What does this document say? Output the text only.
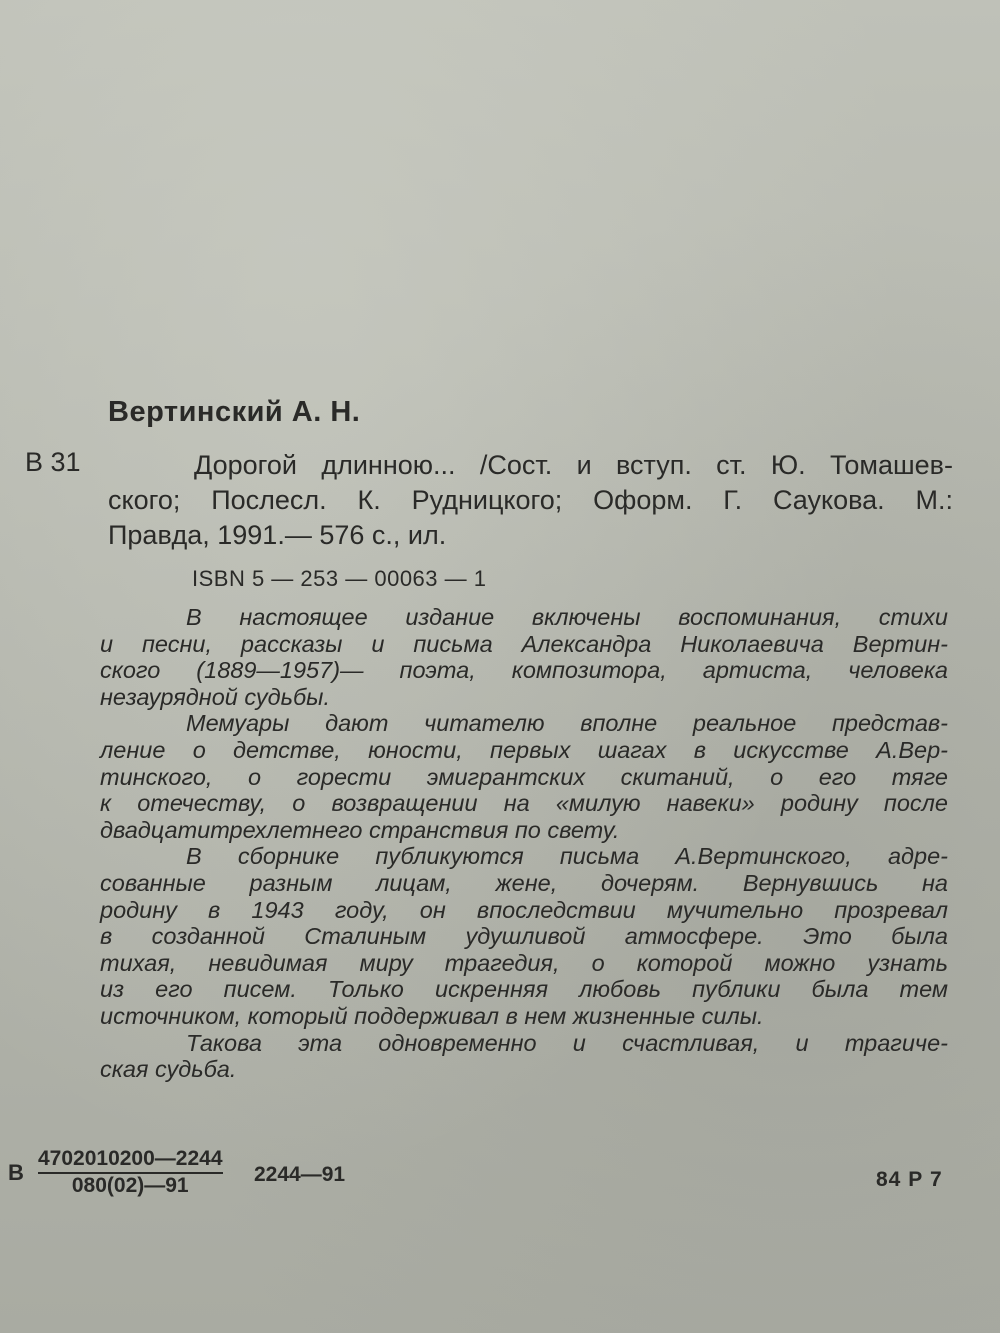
Вертинский А. Н.
В 31	Дорогой длинною... /Сост. и вступ. ст. Ю. Томашев-
ского; Послесл. К. Рудницкого; Оформ. Г. Саукова. М.:
Правда, 1991.— 576 с., ил.
ISBN 5 — 253 — 00063 — 1
В настоящее издание включены воспоминания, стихи
и песни, рассказы и письма Александра Николаевича Вертин-
ского (1889—1957)— поэта, композитора, артиста, человека
незаурядной судьбы.
Мемуары дают читателю вполне реальное представ-
ление о детстве, юности, первых шагах в искусстве А.Вер-
тинского, о горести эмигрантских скитаний, о его тяге
к отечеству, о возвращении на «милую навеки» родину после
двадцатитрехлетнего странствия по свету.
В сборнике публикуются письма А.Вертинского, адре-
сованные разным лицам, жене, дочерям. Вернувшись на
родину в 1943 году, он впоследствии мучительно прозревал
в созданной Сталиным удушливой атмосфере. Это была
тихая, невидимая миру трагедия, о которой можно узнать
из его писем. Только искренняя любовь публики была тем
источником, который поддерживал в нем жизненные силы.
Такова эта одновременно и счастливая, и трагиче-
ская судьба.
В $\frac{4702010200—2244}{080(02)—91}$ 2244—91	84 Р 7
